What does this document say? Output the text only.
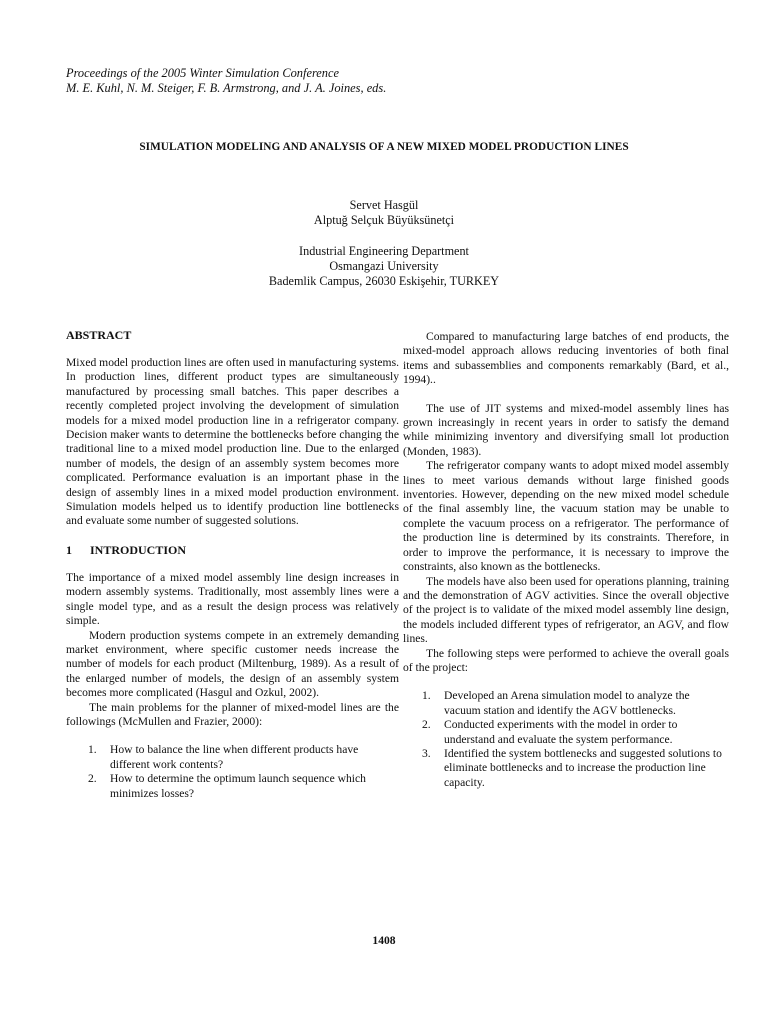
Proceedings of the 2005 Winter Simulation Conference
M. E. Kuhl, N. M. Steiger, F. B. Armstrong, and J. A. Joines, eds.
SIMULATION MODELING AND ANALYSIS OF A NEW MIXED MODEL PRODUCTION LINES
Servet Hasgül
Alptuğ Selçuk Büyüksünetçi
Industrial Engineering Department
Osmangazi University
Bademlik Campus, 26030 Eskişehir, TURKEY
ABSTRACT

Mixed model production lines are often used in manufacturing systems. In production lines, different product types are simultaneously manufactured by processing small batches. This paper describes a recently completed project involving the development of simulation models for a mixed model production line in a refrigerator company. Decision maker wants to determine the bottlenecks before changing the traditional line to a mixed model production line. Due to the enlarged number of models, the design of an assembly system becomes more complicated. Performance evaluation is an important phase in the design of assembly lines in a mixed model production environment. Simulation models helped us to identify production line bottlenecks and evaluate some number of suggested solutions.

1	INTRODUCTION

The importance of a mixed model assembly line design increases in modern assembly systems. Traditionally, most assembly lines were a single model type, and as a result the design process was relatively simple.

Modern production systems compete in an extremely demanding market environment, where specific customer needs increase the number of models for each product (Miltenburg, 1989). As a result of the enlarged number of models, the design of an assembly system becomes more complicated (Hasgul and Ozkul, 2002).

The main problems for the planner of mixed-model lines are the followings (McMullen and Frazier, 2000):

1.	How to balance the line when different products have different work contents?
2.	How to determine the optimum launch sequence which minimizes losses?

Compared to manufacturing large batches of end products, the mixed-model approach allows reducing inventories of both final items and subassemblies and components remarkably (Bard, et al., 1994)..

The use of JIT systems and mixed-model assembly lines has grown increasingly in recent years in order to satisfy the demand while minimizing inventory and diversifying small lot production (Monden, 1983).

The refrigerator company wants to adopt mixed model assembly lines to meet various demands without large finished goods inventories. However, depending on the new mixed model schedule of the final assembly line, the vacuum station may be unable to complete the vacuum process on a refrigerator. The performance of the production line is determined by its constraints. Therefore, in order to improve the performance, it is necessary to improve the constraints, also known as the bottlenecks.

The models have also been used for operations planning, training and the demonstration of AGV activities. Since the overall objective of the project is to validate of the mixed model assembly line design, the models included different types of refrigerator, an AGV, and flow lines.

The following steps were performed to achieve the overall goals of the project:

1.	Developed an Arena simulation model to analyze the vacuum station and identify the AGV bottlenecks.
2.	Conducted experiments with the model in order to understand and evaluate the system performance.
3.	Identified the system bottlenecks and suggested solutions to eliminate bottlenecks and to increase the production line capacity.
1408
